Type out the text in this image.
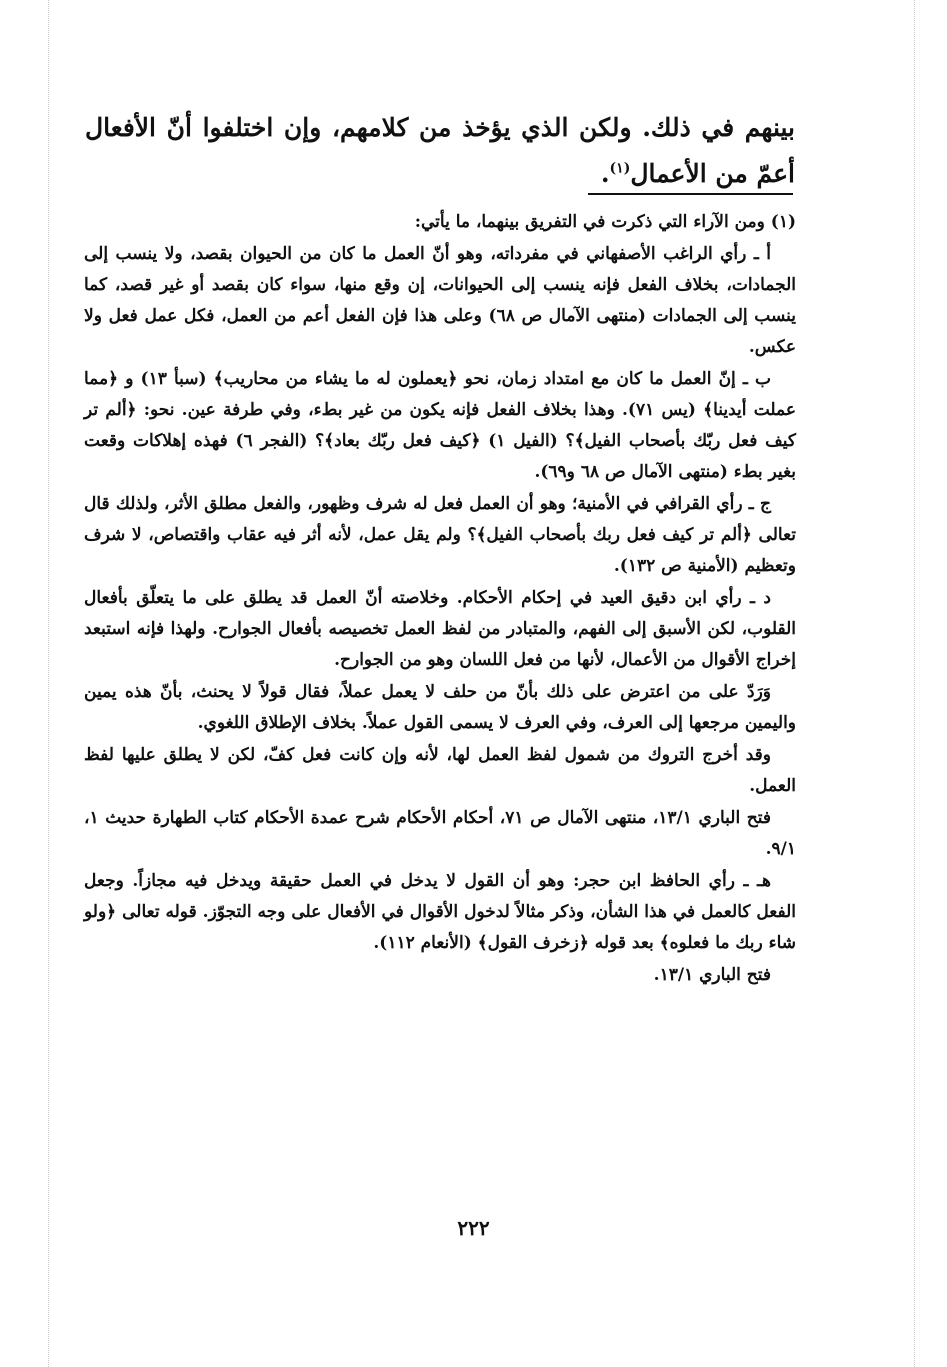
بينهم في ذلك. ولكن الذي يؤخذ من كلامهم، وإن اختلفوا أنّ الأفعال أعمّ من الأعمال$^{(١)}$.

(١) ومن الآراء التي ذكرت في التفريق بينهما، ما يأتي:

أ ـ رأي الراغب الأصفهاني في مفرداته، وهو أنّ العمل ما كان من الحيوان بقصد، ولا ينسب إلى الجمادات، بخلاف الفعل فإنه ينسب إلى الحيوانات، إن وقع منها، سواء كان بقصد أو غير قصد، كما ينسب إلى الجمادات (منتهى الآمال ص ٦٨) وعلى هذا فإن الفعل أعم من العمل، فكل عمل فعل ولا عكس.

ب ـ إنّ العمل ما كان مع امتداد زمان، نحو ﴿يعملون له ما يشاء من محاريب﴾ (سبأ ١٣) و ﴿مما عملت أيدينا﴾ (يس ٧١). وهذا بخلاف الفعل فإنه يكون من غير بطء، وفي طرفة عين. نحو: ﴿ألم تر كيف فعل ربّك بأصحاب الفيل﴾؟ (الفيل ١) ﴿كيف فعل ربّك بعاد﴾؟ (الفجر ٦) فهذه إهلاكات وقعت بغير بطء (منتهى الآمال ص ٦٨ و٦٩).

ج ـ رأي القرافي في الأمنية؛ وهو أن العمل فعل له شرف وظهور، والفعل مطلق الأثر، ولذلك قال تعالى ﴿ألم تر كيف فعل ربك بأصحاب الفيل﴾؟ ولم يقل عمل، لأنه أثر فيه عقاب واقتصاص، لا شرف وتعظيم (الأمنية ص ١٣٢).

د ـ رأي ابن دقيق العيد في إحكام الأحكام. وخلاصته أنّ العمل قد يطلق على ما يتعلّق بأفعال القلوب، لكن الأسبق إلى الفهم، والمتبادر من لفظ العمل تخصيصه بأفعال الجوارح. ولهذا فإنه استبعد إخراج الأقوال من الأعمال، لأنها من فعل اللسان وهو من الجوارح.

وَرَدّ على من اعترض على ذلك بأنّ من حلف لا يعمل عملاً، فقال قولاً لا يحنث، بأنّ هذه يمين واليمين مرجعها إلى العرف، وفي العرف لا يسمى القول عملاً. بخلاف الإطلاق اللغوي.

وقد أخرج التروك من شمول لفظ العمل لها، لأنه وإن كانت فعل كفّ، لكن لا يطلق عليها لفظ العمل.

فتح الباري ١٣/١، منتهى الآمال ص ٧١، أحكام الأحكام شرح عمدة الأحكام كتاب الطهارة حديث ١، ٩/١.

هـ ـ رأي الحافظ ابن حجر: وهو أن القول لا يدخل في العمل حقيقة ويدخل فيه مجازاً. وجعل الفعل كالعمل في هذا الشأن، وذكر مثالاً لدخول الأقوال في الأفعال على وجه التجوّز. قوله تعالى ﴿ولو شاء ربك ما فعلوه﴾ بعد قوله ﴿زخرف القول﴾ (الأنعام ١١٢).

فتح الباري ١٣/١.

٢٢٢
